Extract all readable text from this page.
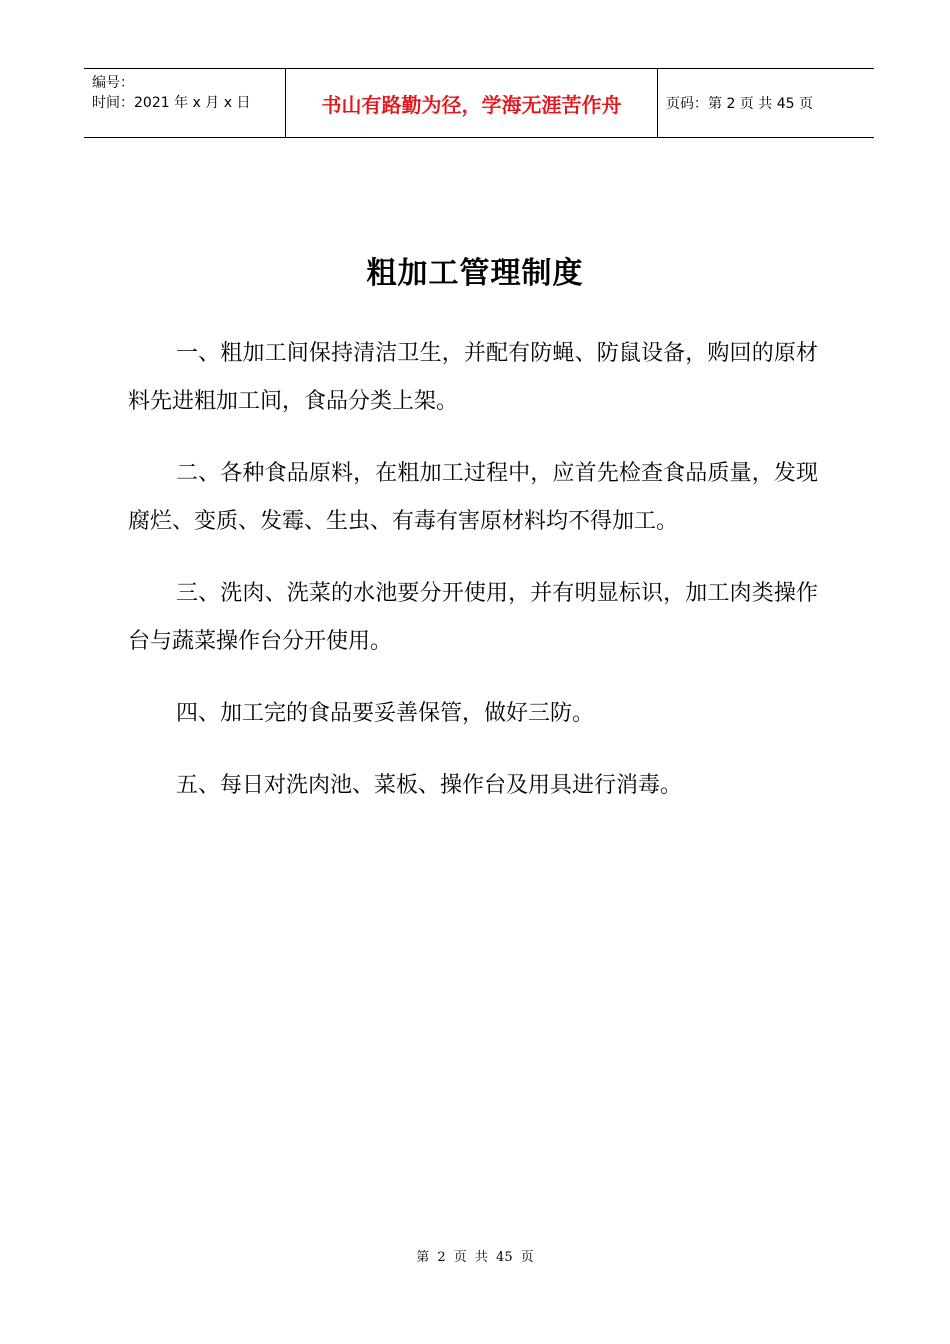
编号：
时间：2021 年 x 月 x 日	书山有路勤为径，学海无涯苦作舟	页码：第 2 页 共 45 页
粗加工管理制度

一、粗加工间保持清洁卫生，并配有防蝇、防鼠设备，购回的原材料先进粗加工间，食品分类上架。

二、各种食品原料，在粗加工过程中，应首先检查食品质量，发现腐烂、变质、发霉、生虫、有毒有害原材料均不得加工。

三、洗肉、洗菜的水池要分开使用，并有明显标识，加工肉类操作台与蔬菜操作台分开使用。

四、加工完的食品要妥善保管，做好三防。

五、每日对洗肉池、菜板、操作台及用具进行消毒。

第 2 页 共 45 页
